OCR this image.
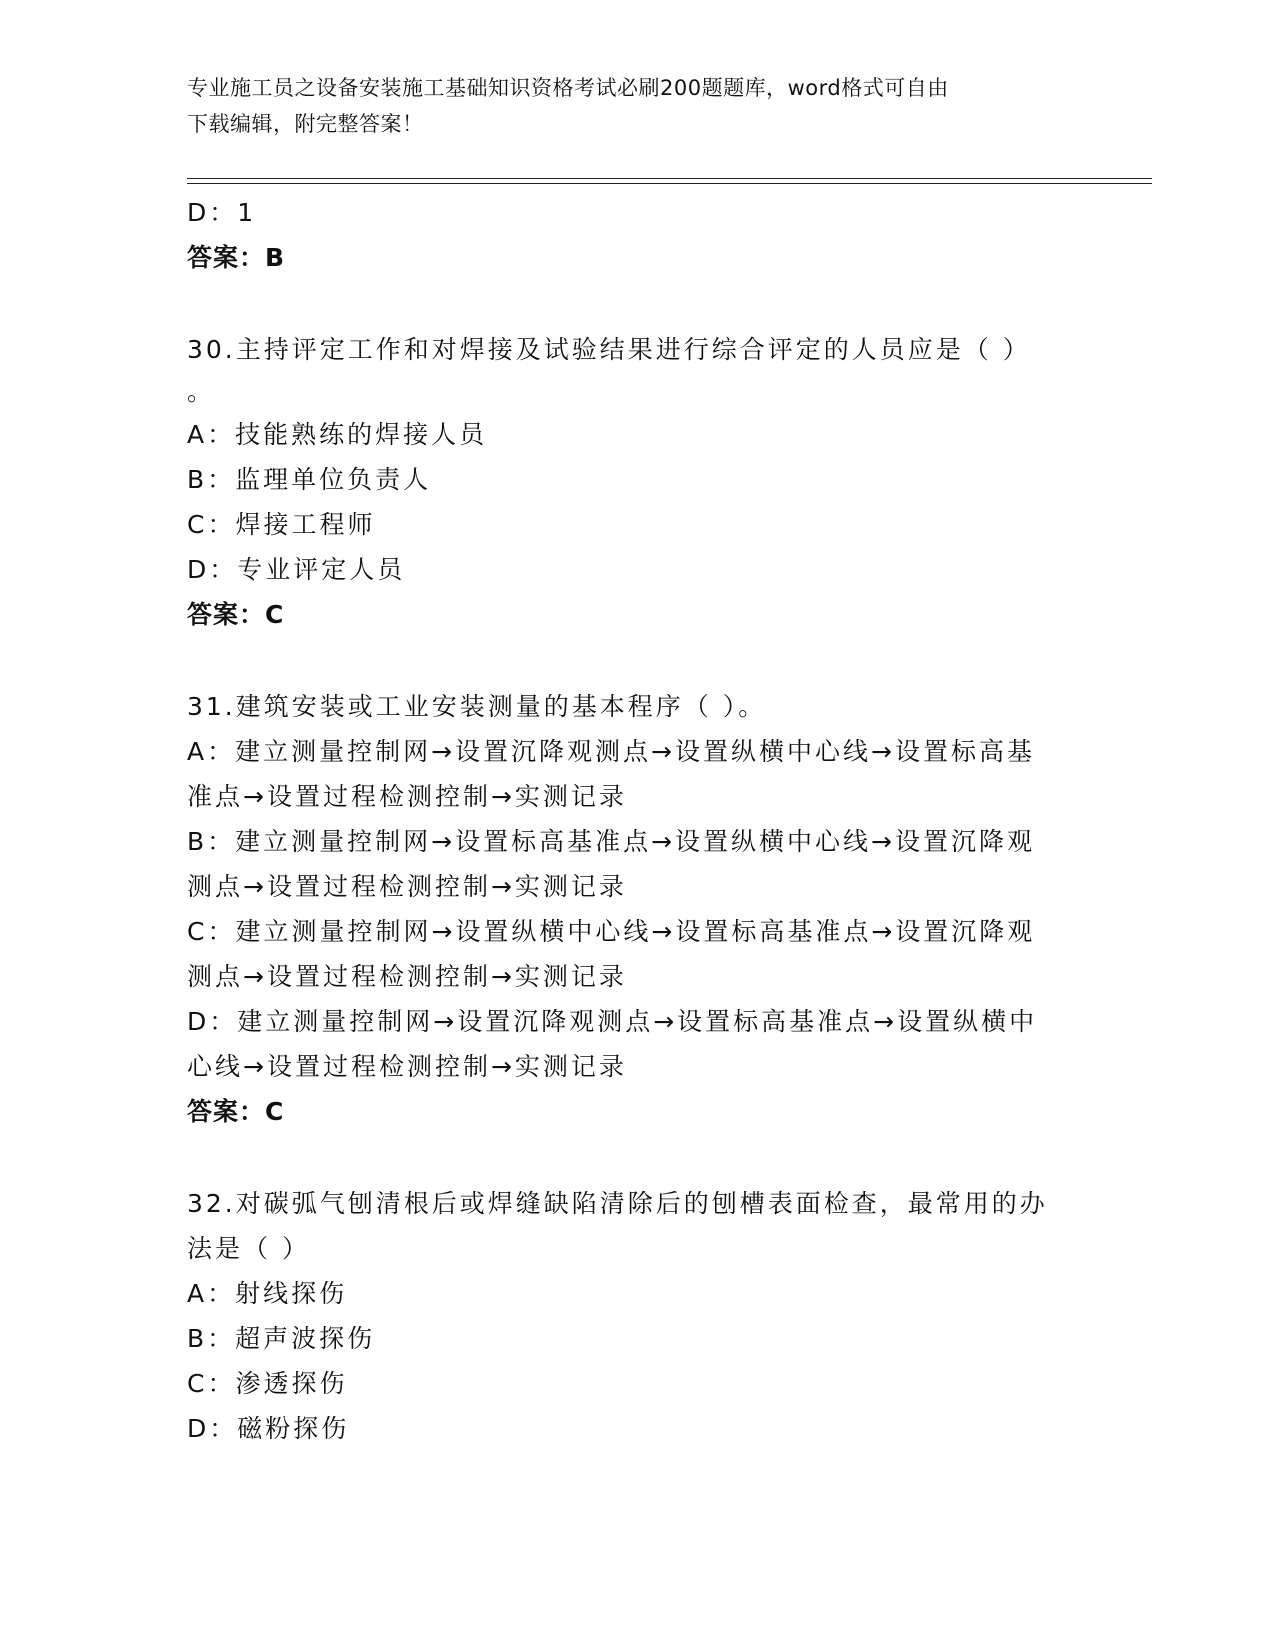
专业施工员之设备安装施工基础知识资格考试必刷200题题库，word格式可自由
下载编辑，附完整答案！
D：1
答案：B
30.主持评定工作和对焊接及试验结果进行综合评定的人员应是（ ）
。
A：技能熟练的焊接人员
B：监理单位负责人
C：焊接工程师
D：专业评定人员
答案：C
31.建筑安装或工业安装测量的基本程序（ ）。
A：建立测量控制网→设置沉降观测点→设置纵横中心线→设置标高基
准点→设置过程检测控制→实测记录
B：建立测量控制网→设置标高基准点→设置纵横中心线→设置沉降观
测点→设置过程检测控制→实测记录
C：建立测量控制网→设置纵横中心线→设置标高基准点→设置沉降观
测点→设置过程检测控制→实测记录
D：建立测量控制网→设置沉降观测点→设置标高基准点→设置纵横中
心线→设置过程检测控制→实测记录
答案：C
32.对碳弧气刨清根后或焊缝缺陷清除后的刨槽表面检查，最常用的办
法是（ ）
A：射线探伤
B：超声波探伤
C：渗透探伤
D：磁粉探伤
